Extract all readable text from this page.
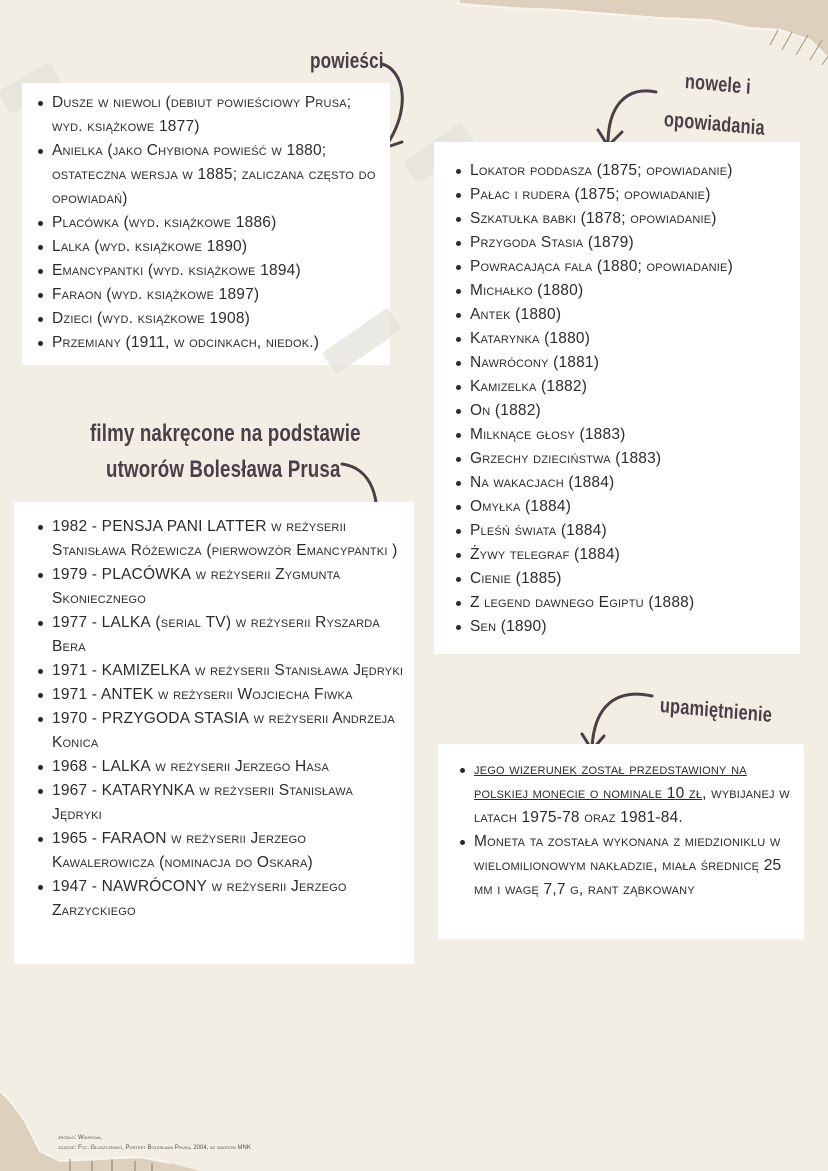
powieści
Dusze w niewoli (debiut powieściowy Prusa; wyd. książkowe 1877)
Anielka (jako Chybiona powieść w 1880; ostateczna wersja w 1885; zaliczana często do opowiadań)
Placówka (wyd. książkowe 1886)
Lalka (wyd. książkowe 1890)
Emancypantki (wyd. książkowe 1894)
Faraon (wyd. książkowe 1897)
Dzieci (wyd. książkowe 1908)
Przemiany (1911, w odcinkach, niedok.)
nowele i
opowiadania
Lokator poddasza (1875; opowiadanie)
Pałac i rudera (1875; opowiadanie)
Szkatułka babki (1878; opowiadanie)
Przygoda Stasia (1879)
Powracająca fala (1880; opowiadanie)
Michałko (1880)
Antek (1880)
Katarynka (1880)
Nawrócony (1881)
Kamizelka (1882)
On (1882)
Milknące głosy (1883)
Grzechy dzieciństwa (1883)
Na wakacjach (1884)
Omyłka (1884)
Pleśń świata (1884)
Żywy telegraf (1884)
Cienie (1885)
Z legend dawnego Egiptu (1888)
Sen (1890)
filmy nakręcone na podstawie
utworów Bolesława Prusa
1982 - PENSJA PANI LATTER w reżyserii Stanisława Różewicza (pierwowzór Emancypantki )
1979 - PLACÓWKA w reżyserii Zygmunta Skoniecznego
1977 - LALKA (serial TV) w reżyserii Ryszarda Bera
1971 - KAMIZELKA w reżyserii Stanisława Jędryki
1971 - ANTEK w reżyserii Wojciecha Fiwka
1970 - PRZYGODA STASIA w reżyserii Andrzeja Konica
1968 - LALKA w reżyserii Jerzego Hasa
1967 - KATARYNKA w reżyserii Stanisława Jędryki
1965 - FARAON w reżyserii Jerzego Kawalerowicza (nominacja do Oskara)
1947 - NAWRÓCONY w reżyserii Jerzego Zarzyckiego
upamiętnienie
jego wizerunek został przedstawiony na polskiej monecie o nominale 10 zł, wybijanej w latach 1975-78 oraz 1981-84.
Moneta ta została wykonana z miedzioniklu w wielomilionowym nakładzie, miała średnicę 25 mm i wagę 7,7 g, rant ząbkowany
źródło: Wikipedia,
zdjęcie: Fot. Głuszczenko, Portret Bolesława Prusa, 2004, ze zbiorów MNK
